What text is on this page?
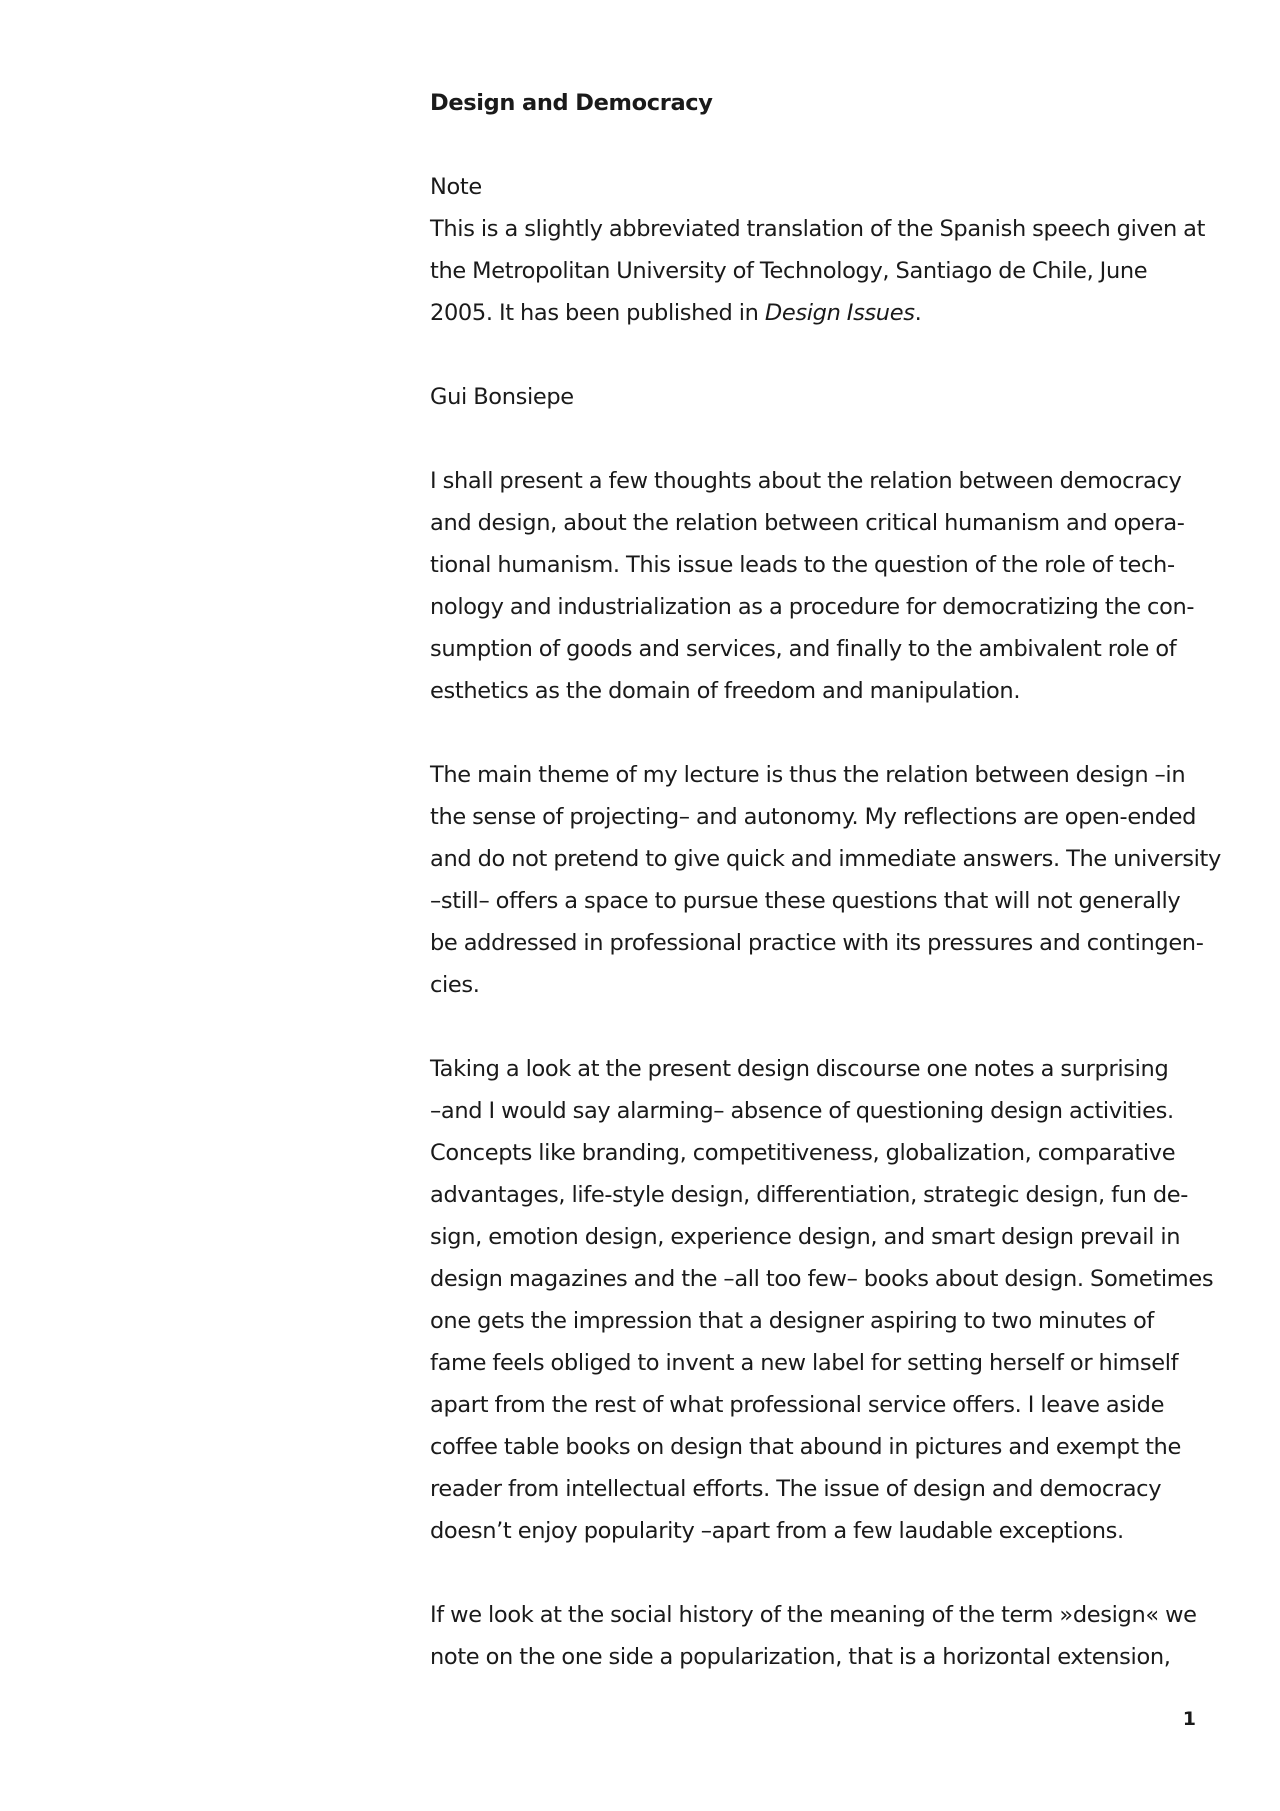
Design and Democracy
Note
This is a slightly abbreviated translation of the Spanish speech given at
the Metropolitan University of Technology, Santiago de Chile, June
2005. It has been published in Design Issues.
Gui Bonsiepe
I shall present a few thoughts about the relation between democracy
and design, about the relation between critical humanism and opera-
tional humanism. This issue leads to the question of the role of tech-
nology and industrialization as a procedure for democratizing the con-
sumption of goods and services, and finally to the ambivalent role of
esthetics as the domain of freedom and manipulation.
The main theme of my lecture is thus the relation between design –in
the sense of projecting– and autonomy. My reflections are open-ended
and do not pretend to give quick and immediate answers. The university
–still– offers a space to pursue these questions that will not generally
be addressed in professional practice with its pressures and contingen-
cies.
Taking a look at the present design discourse one notes a surprising
–and I would say alarming– absence of questioning design activities.
Concepts like branding, competitiveness, globalization, comparative
advantages, life-style design, differentiation, strategic design, fun de-
sign, emotion design, experience design, and smart design prevail in
design magazines and the –all too few– books about design. Sometimes
one gets the impression that a designer aspiring to two minutes of
fame feels obliged to invent a new label for setting herself or himself
apart from the rest of what professional service offers. I leave aside
coffee table books on design that abound in pictures and exempt the
reader from intellectual efforts. The issue of design and democracy
doesn’t enjoy popularity –apart from a few laudable exceptions.
If we look at the social history of the meaning of the term »design« we
note on the one side a popularization, that is a horizontal extension,
1
